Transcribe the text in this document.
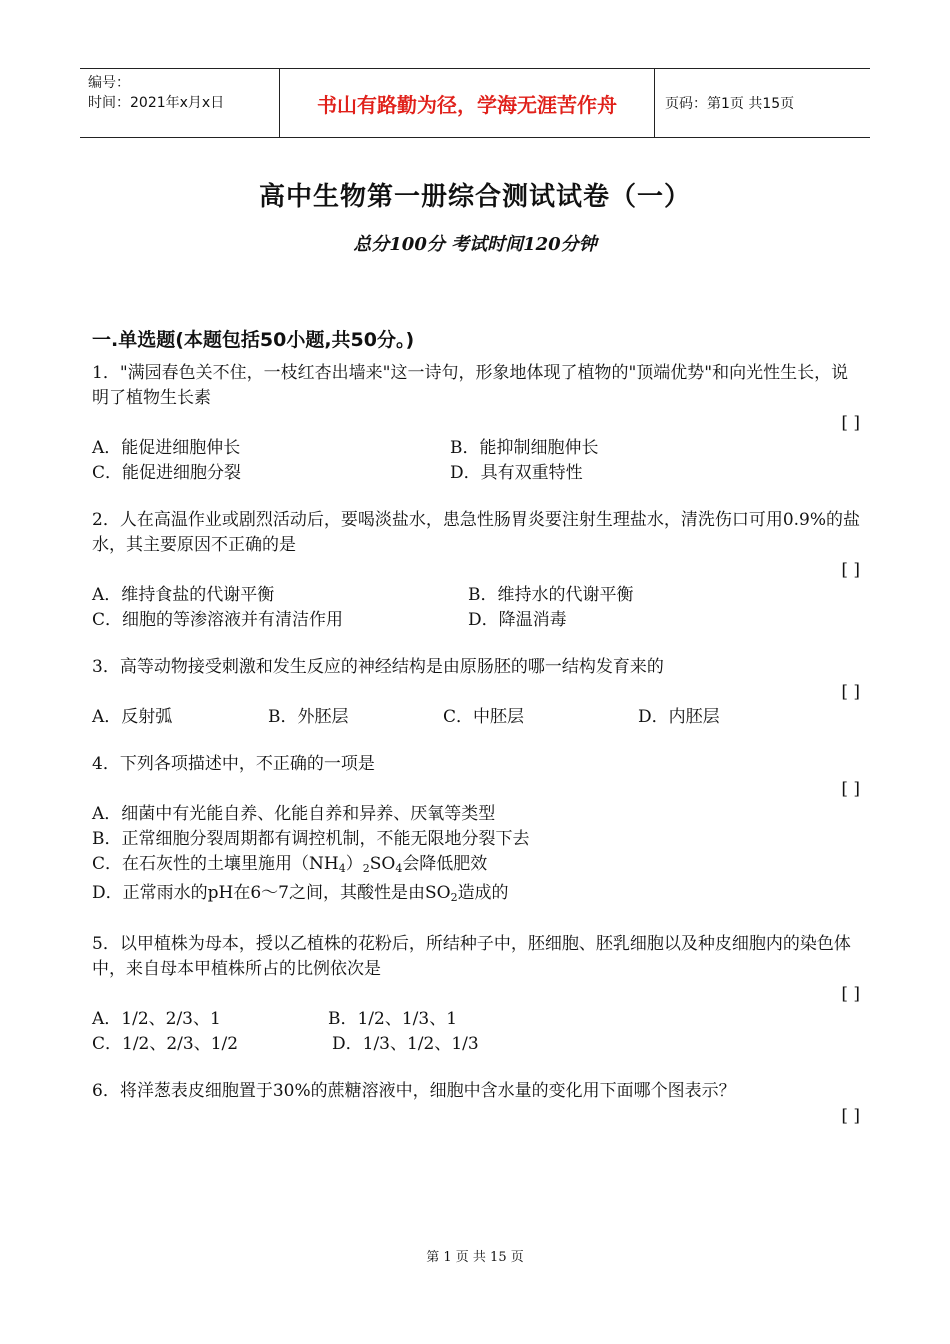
编号：
时间：2021年x月x日	书山有路勤为径，学海无涯苦作舟	页码：第1页 共15页
高中生物第一册综合测试试卷（一）
总分100分 考试时间120分钟
一.单选题(本题包括50小题,共50分。)

1．"满园春色关不住，一枝红杏出墙来"这一诗句，形象地体现了植物的"顶端优势"和向光性生长，说明了植物生长素

[ ]

A．能促进细胞伸长	B．能抑制细胞伸长
C．能促进细胞分裂	D．具有双重特性

2．人在高温作业或剧烈活动后，要喝淡盐水，患急性肠胃炎要注射生理盐水，清洗伤口可用0.9%的盐水，其主要原因不正确的是

[ ]

A．维持食盐的代谢平衡	B．维持水的代谢平衡
C．细胞的等渗溶液并有清洁作用	D．降温消毒

3．高等动物接受刺激和发生反应的神经结构是由原肠胚的哪一结构发育来的

[ ]

A．反射弧	B．外胚层	C．中胚层	D．内胚层

4．下列各项描述中，不正确的一项是

[ ]

A．细菌中有光能自养、化能自养和异养、厌氧等类型
B．正常细胞分裂周期都有调控机制，不能无限地分裂下去
C．在石灰性的土壤里施用$(NH_4)_2SO_4$会降低肥效
D．正常雨水的pH在6～7之间，其酸性是由$SO_2$造成的

5．以甲植株为母本，授以乙植株的花粉后，所结种子中，胚细胞、胚乳细胞以及种皮细胞内的染色体中，来自母本甲植株所占的比例依次是

[ ]

A．1/2、2/3、1	B．1/2、1/3、1
C．1/2、2/3、1/2	D．1/3、1/2、1/3

6．将洋葱表皮细胞置于30%的蔗糖溶液中，细胞中含水量的变化用下面哪个图表示？

[ ]

第 1 页 共 15 页
